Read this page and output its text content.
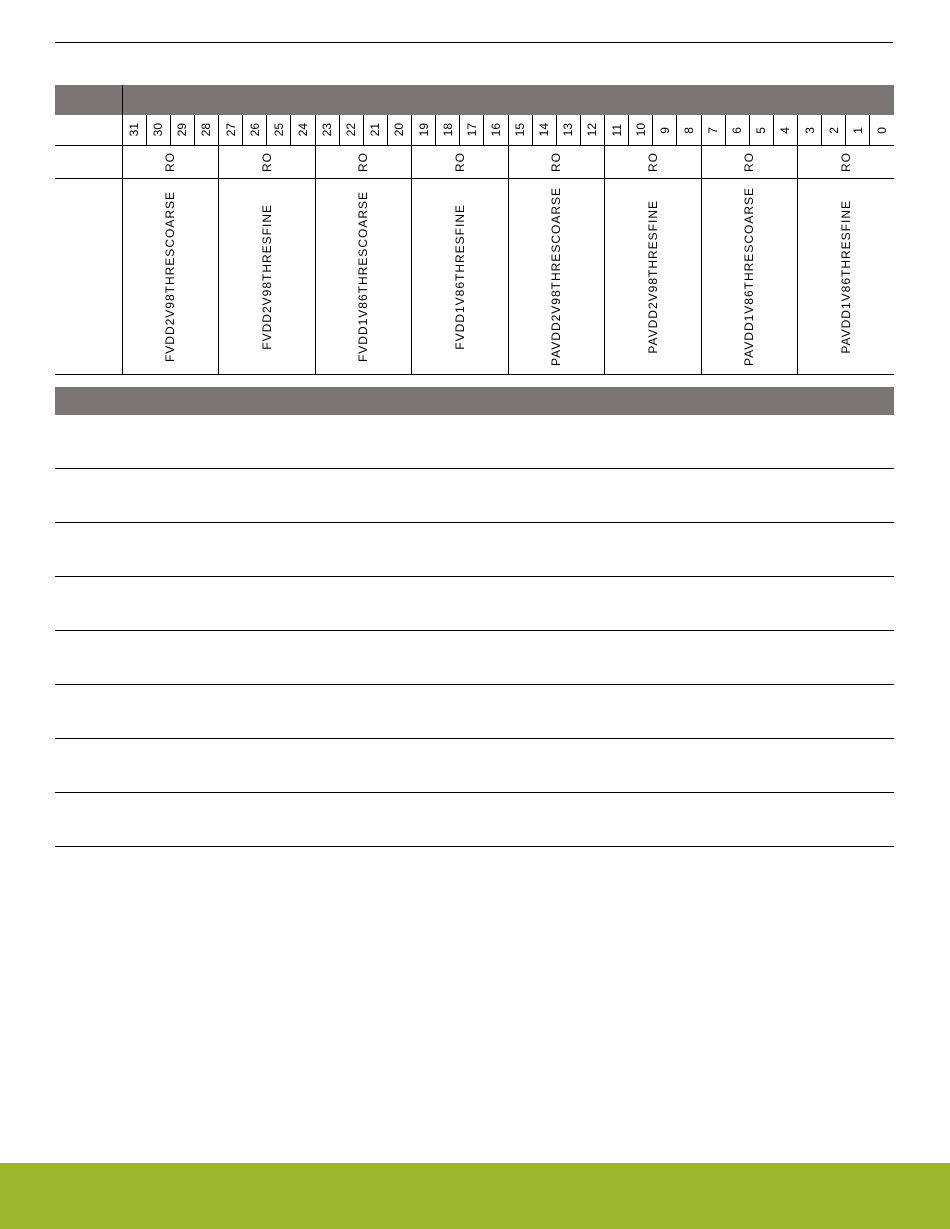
	31	30	29	28	27	26	25	24	23	22	21	20	19	18	17	16	15	14	13	12	11	10	9	8	7	6	5	4	3	2	1	0

	RO				RO				RO				RO				RO				RO				RO				RO			

	FVDD2V98THRESCOARSE				FVDD2V98THRESFINE				FVDD1V86THRESCOARSE				FVDD1V86THRESFINE				PAVDD2V98THRESCOARSE				PAVDD2V98THRESFINE				PAVDD1V86THRESCOARSE				PAVDD1V86THRESFINE			
